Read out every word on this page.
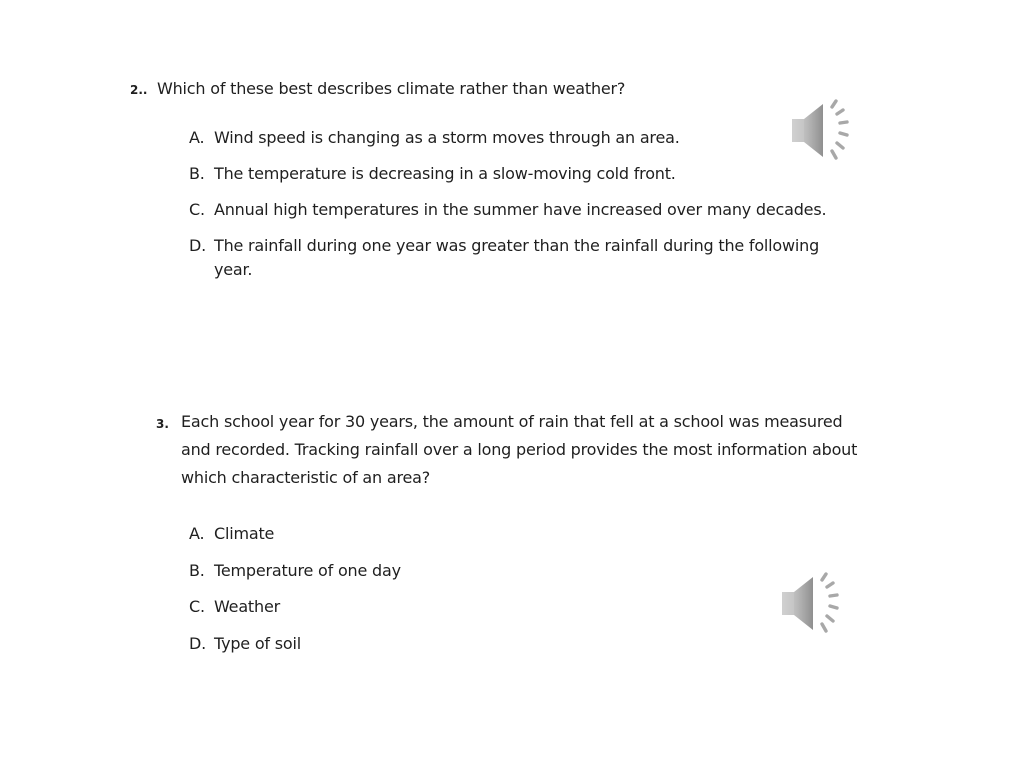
2.. Which of these best describes climate rather than weather?
A. Wind speed is changing as a storm moves through an area.
B. The temperature is decreasing in a slow-moving cold front.
C. Annual high temperatures in the summer have increased over many decades.
D. The rainfall during one year was greater than the rainfall during the following year.
3. Each school year for 30 years, the amount of rain that fell at a school was measured and recorded. Tracking rainfall over a long period provides the most information about which characteristic of an area?
A. Climate
B. Temperature of one day
C. Weather
D. Type of soil
